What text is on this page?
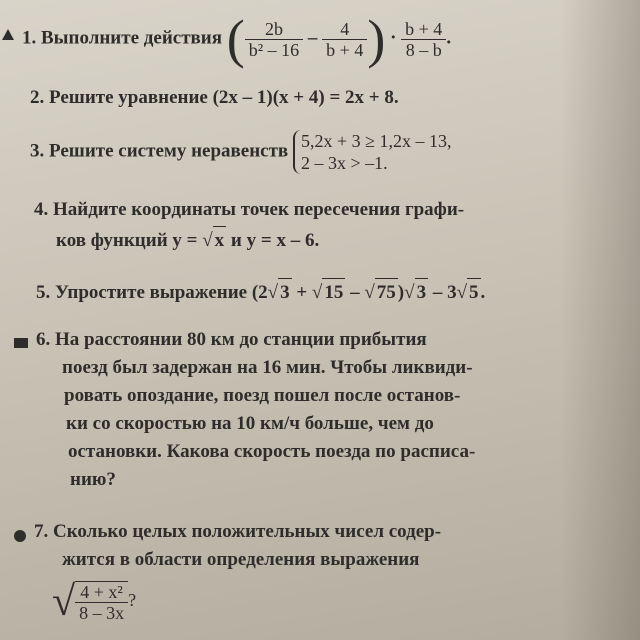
1. Выполните действия ( $\frac{2b}{\text{b² – 16}} - \frac{4}{b + 4}$ ) · $\frac{b + 4}{8 - b}$ .
2. Решите уравнение (2x – 1)(x + 4) = 2x + 8.
3. Решите систему неравенств 5,2x + 3 ≥ 1,2x – 13,
2 – 3x > –1.
4. Найдите координаты точек пересечения графи-
ков функций y = √ x и y = x – 6.
5. Упростите выражение (2√ 3 + √ 15 – √ 75 )√ 3 – 3√ 5 .
6. На расстоянии 80 км до станции прибытия
поезд был задержан на 16 мин. Чтобы ликвиди-
ровать опоздание, поезд пошел после останов-
ки со скоростью на 10 км/ч больше, чем до
остановки. Какова скорость поезда по расписа-
нию?
7. Сколько целых положительных чисел содер-
жится в области определения выражения
√ $\frac{\text{4 + x²}}{8 - 3x}$ ?
